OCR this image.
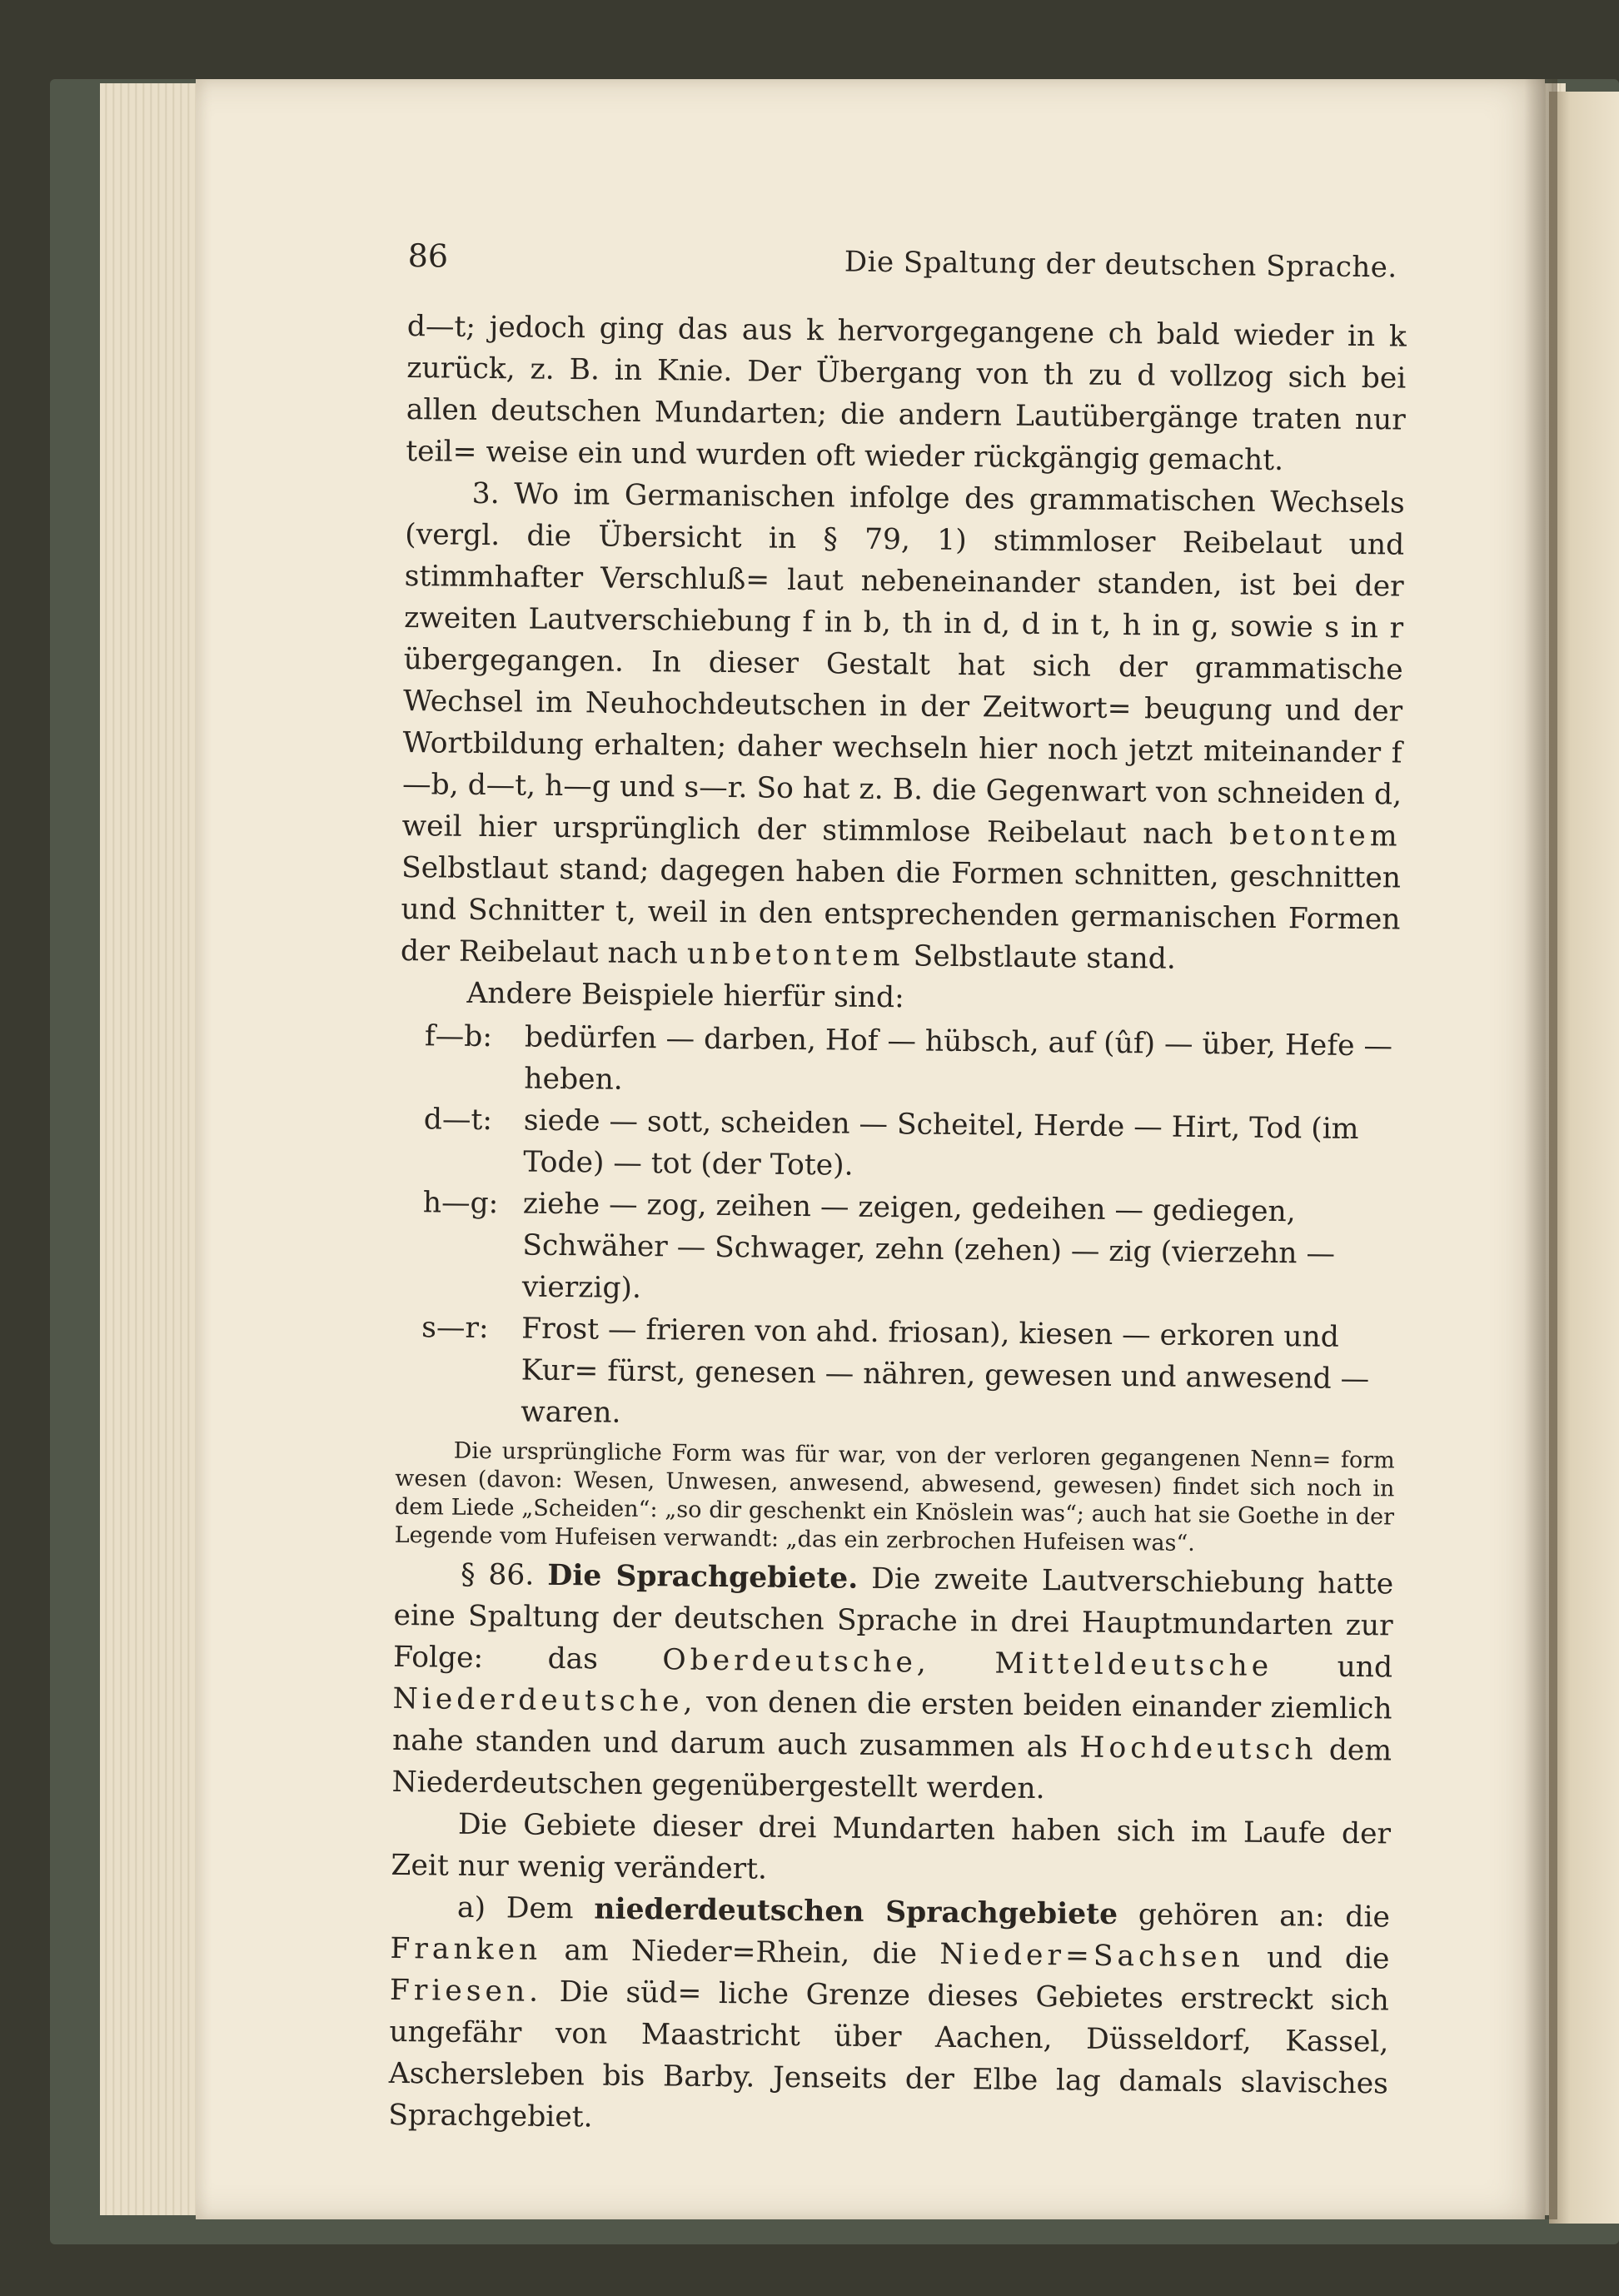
86	Die Spaltung der deutschen Sprache.

d—t; jedoch ging das aus k hervorgegangene ch bald wieder in k zurück, z. B. in Knie. Der Übergang von th zu d vollzog sich bei allen deutschen Mundarten; die andern Lautübergänge traten nur teil= weise ein und wurden oft wieder rückgängig gemacht.

3. Wo im Germanischen infolge des grammatischen Wechsels (vergl. die Übersicht in § 79, 1) stimmloser Reibelaut und stimmhafter Verschluß= laut nebeneinander standen, ist bei der zweiten Lautverschiebung f in b, th in d, d in t, h in g, sowie s in r übergegangen. In dieser Gestalt hat sich der grammatische Wechsel im Neuhochdeutschen in der Zeitwort= beugung und der Wortbildung erhalten; daher wechseln hier noch jetzt miteinander f—b, d—t, h—g und s—r. So hat z. B. die Gegenwart von schneiden d, weil hier ursprünglich der stimmlose Reibelaut nach betontem Selbstlaut stand; dagegen haben die Formen schnitten, geschnitten und Schnitter t, weil in den entsprechenden germanischen Formen der Reibelaut nach unbetontem Selbstlaute stand.

Andere Beispiele hierfür sind:

f—b:	bedürfen — darben, Hof — hübsch, auf (ûf) — über, Hefe — heben.
d—t:	siede — sott, scheiden — Scheitel, Herde — Hirt, Tod (im Tode) — tot (der Tote).
h—g: ziehe — zog, zeihen — zeigen, gedeihen — gediegen, Schwäher — Schwager, zehn (zehen) — zig (vierzehn — vierzig).
s—r:	Frost — frieren von ahd. friosan), kiesen — erkoren und Kur= fürst, genesen — nähren, gewesen und anwesend — waren.

Die ursprüngliche Form was für war, von der verloren gegangenen Nenn= form wesen (davon: Wesen, Unwesen, anwesend, abwesend, gewesen) findet sich noch in dem Liede „Scheiden“: „so dir geschenkt ein Knöslein was“; auch hat sie Goethe in der Legende vom Hufeisen verwandt: „das ein zerbrochen Hufeisen was“.

§ 86. Die Sprachgebiete. Die zweite Lautverschiebung hatte eine Spaltung der deutschen Sprache in drei Hauptmundarten zur Folge: das Oberdeutsche, Mitteldeutsche und Niederdeutsche, von denen die ersten beiden einander ziemlich nahe standen und darum auch zusammen als Hochdeutsch dem Niederdeutschen gegenübergestellt werden.

Die Gebiete dieser drei Mundarten haben sich im Laufe der Zeit nur wenig verändert.

a) Dem niederdeutschen Sprachgebiete gehören an: die Franken am Nieder=Rhein, die Nieder=Sachsen und die Friesen. Die süd= liche Grenze dieses Gebietes erstreckt sich ungefähr von Maastricht über Aachen, Düsseldorf, Kassel, Aschersleben bis Barby. Jenseits der Elbe lag damals slavisches Sprachgebiet.
